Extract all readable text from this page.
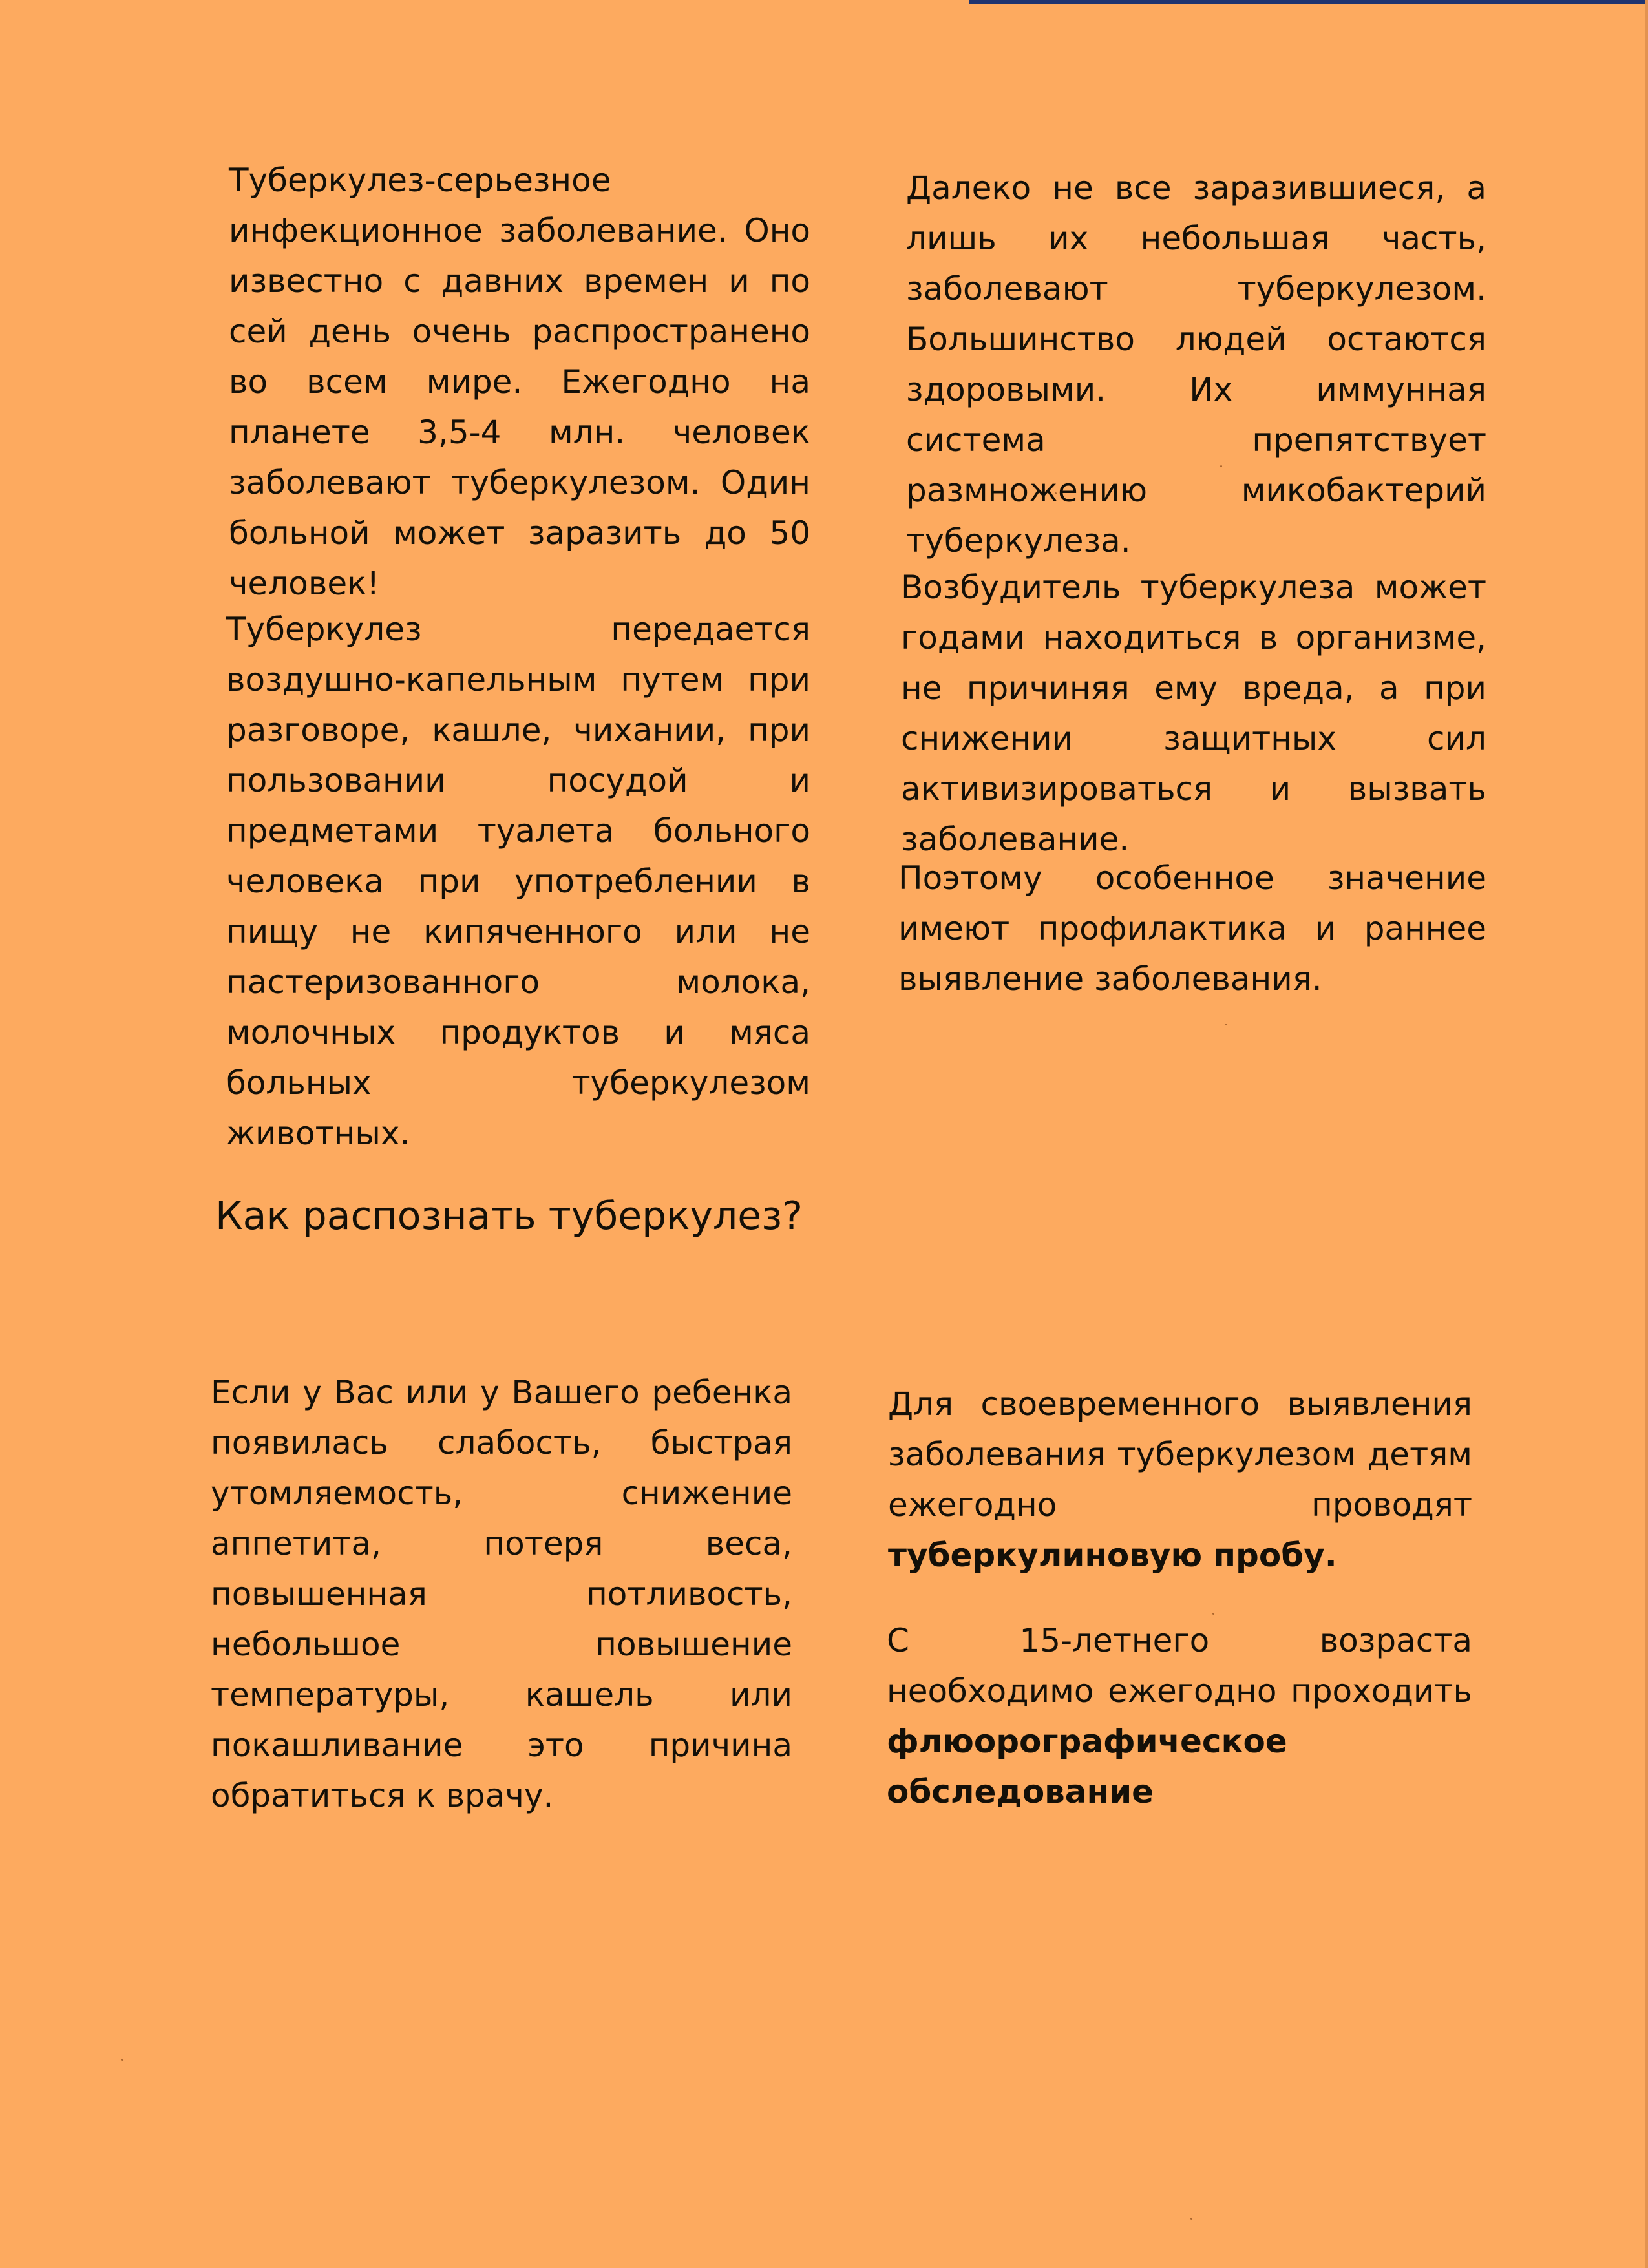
Туберкулез-серьезное инфекционное заболевание. Оно известно с давних времен и по сей день очень распространено во всем мире. Ежегодно на планете 3,5-4 млн. человек заболевают туберкулезом. Один больной может заразить до 50 человек!

Туберкулез передается воздушно-капельным путем при разговоре, кашле, чихании, при пользовании посудой и предметами туалета больного человека при употреблении в пищу не кипяченного или не пастеризованного молока, молочных продуктов и мяса больных туберкулезом животных.

Далеко не все заразившиеся, а лишь их небольшая часть, заболевают туберкулезом. Большинство людей остаются здоровыми. Их иммунная система препятствует размножению микобактерий туберкулеза.

Возбудитель туберкулеза может годами находиться в организме, не причиняя ему вреда, а при снижении защитных сил активизироваться и вызвать заболевание.

Поэтому особенное значение имеют профилактика и раннее выявление заболевания.

Как распознать туберкулез?

Если у Вас или у Вашего ребенка появилась слабость, быстрая утомляемость, снижение аппетита, потеря веса, повышенная потливость, небольшое повышение температуры, кашель или покашливание это причина обратиться к врачу.

Для своевременного выявления заболевания туберкулезом детям ежегодно проводят туберкулиновую пробу.

С 15-летнего возраста необходимо ежегодно проходить флюорографическое обследование
